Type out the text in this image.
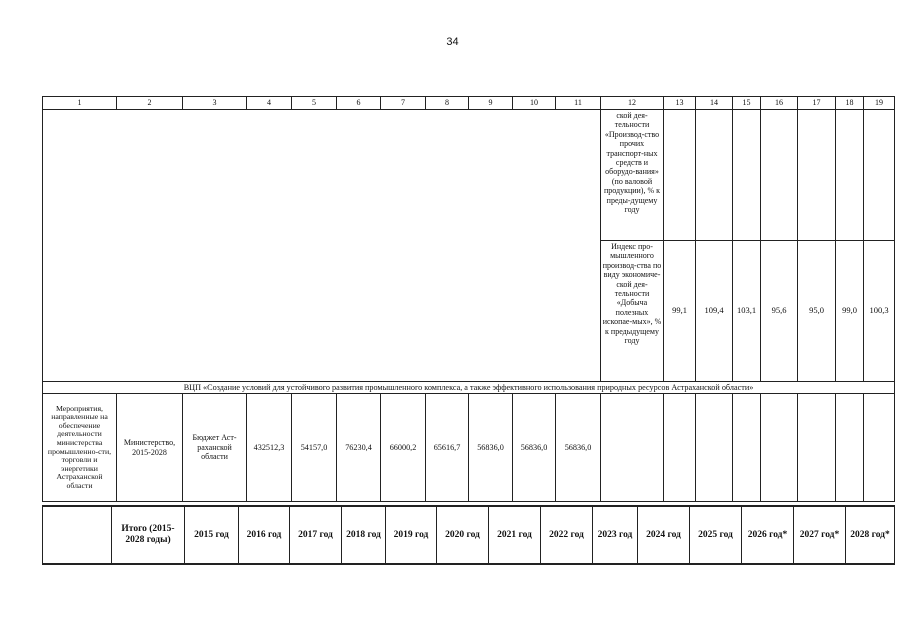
34
1	2	3	4	5	6	7	8	9	10	11	12	13	14	15	16	17	18	19
											ской дея-тельности «Производ-ство прочих транспорт-ных средств и оборудо-вания» (по валовой продукции), % к преды-дущему году							
											Индекс про-мышленного производ-ства по виду экономиче-ской дея-тельности «Добыча полезных ископае-мых», % к предыдущему году	99,1	109,4	103,1	95,6	95,0	99,0	100,3
ВЦП «Создание условий для устойчивого развития промышленного комплекса, а также эффективного использования природных ресурсов Астраханской области»																		
Мероприятия, направленные на обеспечение деятельности министерства промышленно-сти, торговли и энергетики Астраханской области	Министерство, 2015-2028	Бюджет Аст-раханской области	432512,3	54157,0	76230,4	66000,2	65616,7	56836,0	56836,0	56836,0								
	Итого (2015-2028 годы)	2015 год	2016 год	2017 год	2018 год	2019 год	2020 год	2021 год	2022 год	2023 год	2024 год	2025 год	2026 год*	2027 год*	2028 год*
